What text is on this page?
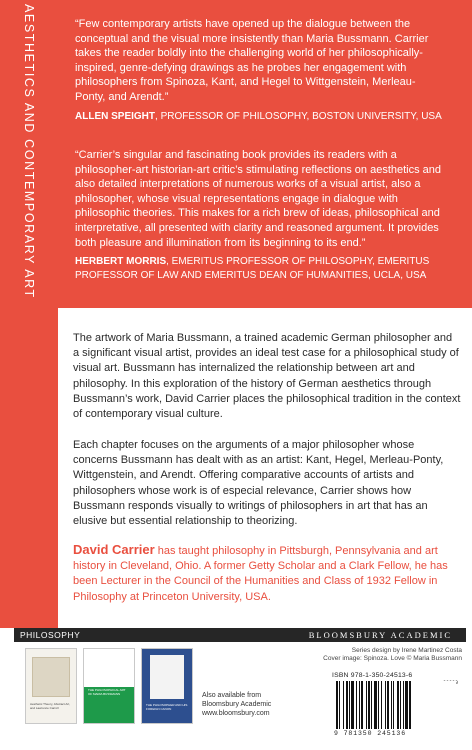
AESTHETICS AND CONTEMPORARY ART	“Few contemporary artists have opened up the dialogue between the conceptual and the visual more insistently than Maria Bussmann. Carrier takes the reader boldly into the challenging world of her philosophically-inspired, genre-defying drawings as he probes her engagement with philosophers from Spinoza, Kant, and Hegel to Wittgenstein, Merleau-Ponty, and Arendt.”
ALLEN SPEIGHT, PROFESSOR OF PHILOSOPHY, BOSTON UNIVERSITY, USA
“Carrier’s singular and fascinating book provides its readers with a philosopher-art historian-art critic’s stimulating reflections on aesthetics and also detailed interpretations of numerous works of a visual artist, also a philosopher, whose visual representations engage in dialogue with philosophic theories. This makes for a rich brew of ideas, philosophical and interpretative, all presented with clarity and reasoned argument. It provides both pleasure and illumination from its beginning to its end.”
HERBERT MORRIS, EMERITUS PROFESSOR OF PHILOSOPHY, EMERITUS PROFESSOR OF LAW AND EMERITUS DEAN OF HUMANITIES, UCLA, USA

The artwork of Maria Bussmann, a trained academic German philosopher and a significant visual artist, provides an ideal test case for a philosophical study of visual art. Bussmann has internalized the relationship between art and philosophy. In this exploration of the history of German aesthetics through Bussmann’s work, David Carrier places the philosophical tradition in the context of contemporary visual culture.

Each chapter focuses on the arguments of a major philosopher whose concerns Bussmann has dealt with as an artist: Kant, Hegel, Merleau-Ponty, Wittgenstein, and Arendt. Offering comparative accounts of artists and philosophers whose work is of especial relevance, Carrier shows how Bussmann responds visually to writings of philosophers in art that has an elusive but essential relationship to theorizing.

David Carrier has taught philosophy in Pittsburgh, Pennsylvania and art history in Cleveland, Ohio. A former Getty Scholar and a Clark Fellow, he has been Lecturer in the Council of the Humanities and Class of 1932 Fellow in Philosophy at Princeton University, USA.

PHILOSOPHY	BLOOMSBURY ACADEMIC
Aesthetic Theory, Abstract Art, and Lawrence Carroll
THE PHILOSOPHICAL ART OF MARIA BUSSMANN
THE PHILOSOPHER AND HIS FOREIGN CANON
Also available from
Bloomsbury Academic
www.bloomsbury.com
Series design by Irene Martinez Costa
Cover image: Spinoza. Love © Maria Bussmann
ISBN 978-1-350-24513-6
90000
9 781350 245136
